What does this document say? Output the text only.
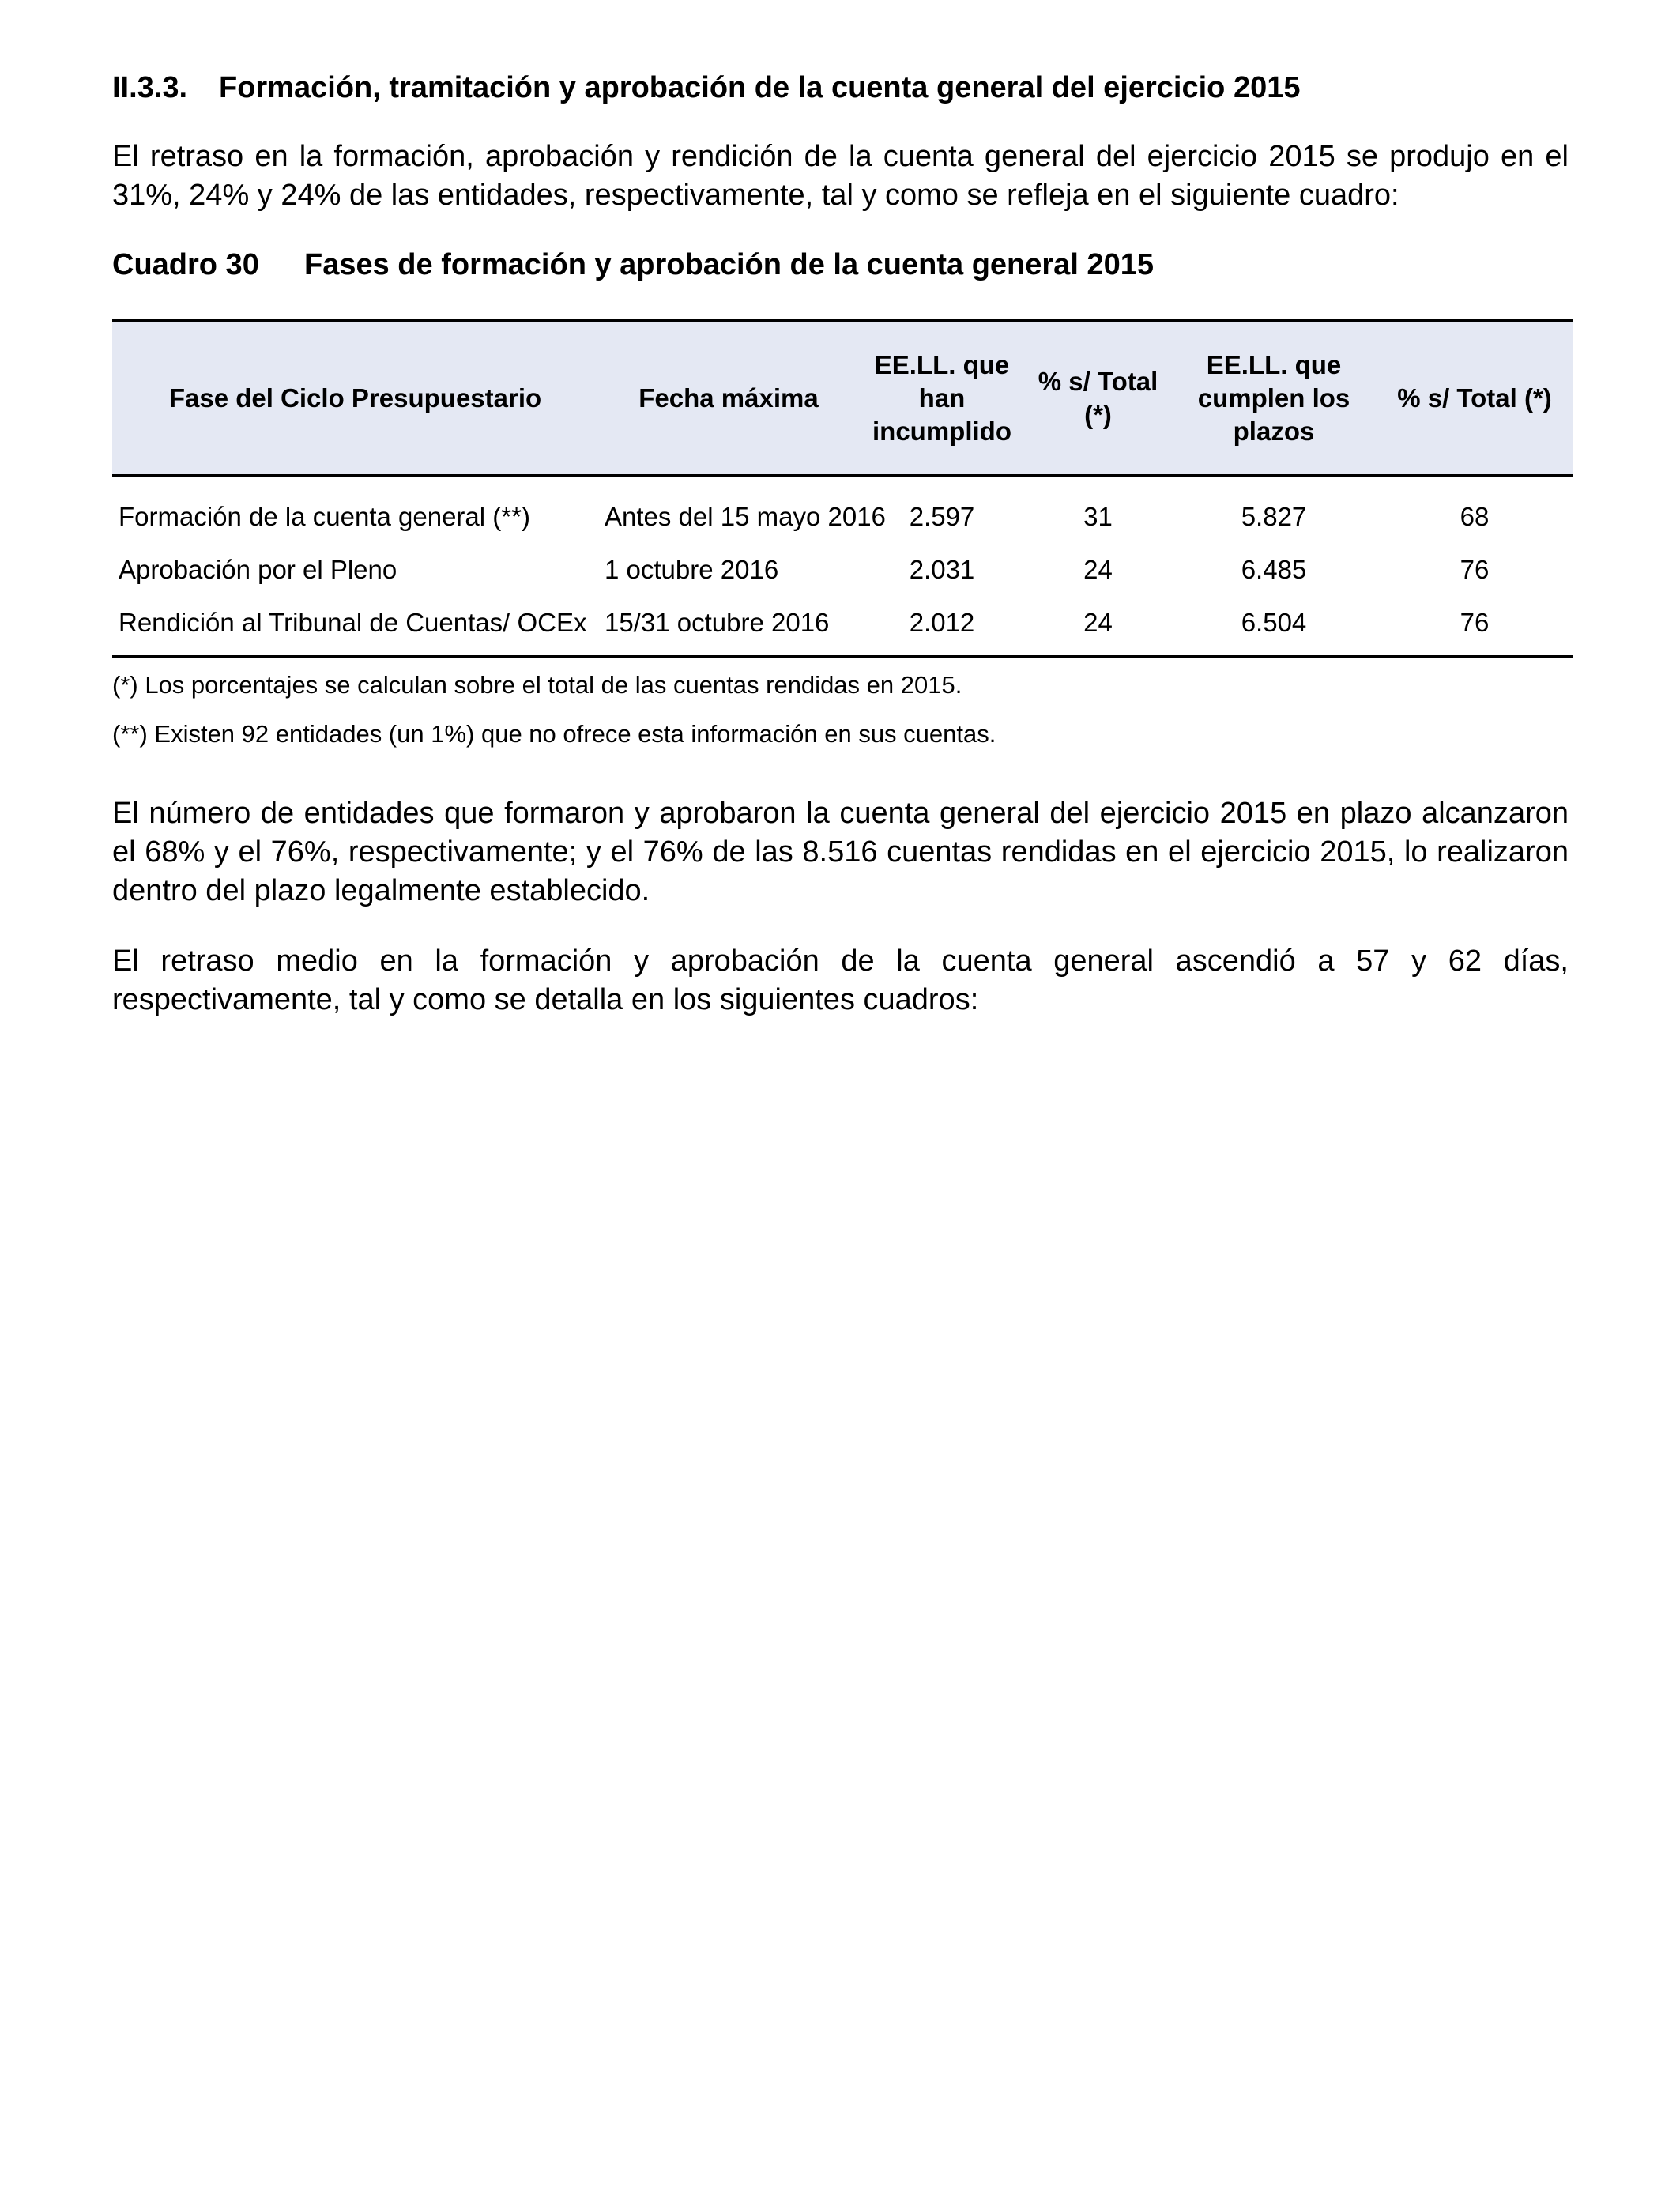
II.3.3. Formación, tramitación y aprobación de la cuenta general del ejercicio 2015

El retraso en la formación, aprobación y rendición de la cuenta general del ejercicio 2015 se produjo en el 31%, 24% y 24% de las entidades, respectivamente, tal y como se refleja en el siguiente cuadro:

Cuadro 30 Fases de formación y aprobación de la cuenta general 2015
Fase del Ciclo Presupuestario	Fecha máxima	EE.LL. que han incumplido	% s/ Total (*)	EE.LL. que cumplen los plazos	% s/ Total (*)
Formación de la cuenta general (**)	Antes del 15 mayo 2016	2.597	31	5.827	68
Aprobación por el Pleno	1 octubre 2016	2.031	24	6.485	76
Rendición al Tribunal de Cuentas/ OCEx	15/31 octubre 2016	2.012	24	6.504	76

(*) Los porcentajes se calculan sobre el total de las cuentas rendidas en 2015.

(**) Existen 92 entidades (un 1%) que no ofrece esta información en sus cuentas.

El número de entidades que formaron y aprobaron la cuenta general del ejercicio 2015 en plazo alcanzaron el 68% y el 76%, respectivamente; y el 76% de las 8.516 cuentas rendidas en el ejercicio 2015, lo realizaron dentro del plazo legalmente establecido.

El retraso medio en la formación y aprobación de la cuenta general ascendió a 57 y 62 días, respectivamente, tal y como se detalla en los siguientes cuadros:
